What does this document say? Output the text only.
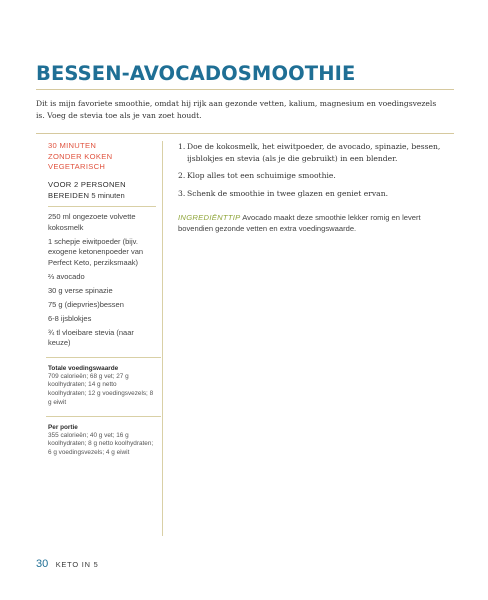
BESSEN-AVOCADOSMOOTHIE
Dit is mijn favoriete smoothie, omdat hij rijk aan gezonde vetten, kalium, magnesium en voedingsvezels is. Voeg de stevia toe als je van zoet houdt.
30 MINUTEN
ZONDER KOKEN
VEGETARISCH
VOOR 2 PERSONEN
BEREIDEN 5 minuten
250 ml ongezoete volvette kokosmelk
1 schepje eiwitpoeder (bijv. exogene ketonenpoeder van Perfect Keto, perziksmaak)
⅔ avocado
30 g verse spinazie
75 g (diepvries)bessen
6-8 ijsblokjes
¾ tl vloeibare stevia (naar keuze)
Totale voedingswaarde
709 calorieën; 68 g vet; 27 g koolhydraten; 14 g netto koolhydraten; 12 g voedingsvezels; 8 g eiwit
Per portie
355 calorieën; 40 g vet; 16 g koolhydraten; 8 g netto koolhydraten; 6 g voedingsvezels; 4 g eiwit
1. Doe de kokosmelk, het eiwitpoeder, de avocado, spinazie, bessen, ijsblokjes en stevia (als je die gebruikt) in een blender.
2. Klop alles tot een schuimige smoothie.
3. Schenk de smoothie in twee glazen en geniet ervan.
INGREDIËNTTIP Avocado maakt deze smoothie lekker romig en levert bovendien gezonde vetten en extra voedingswaarde.
30 KETO IN 5
